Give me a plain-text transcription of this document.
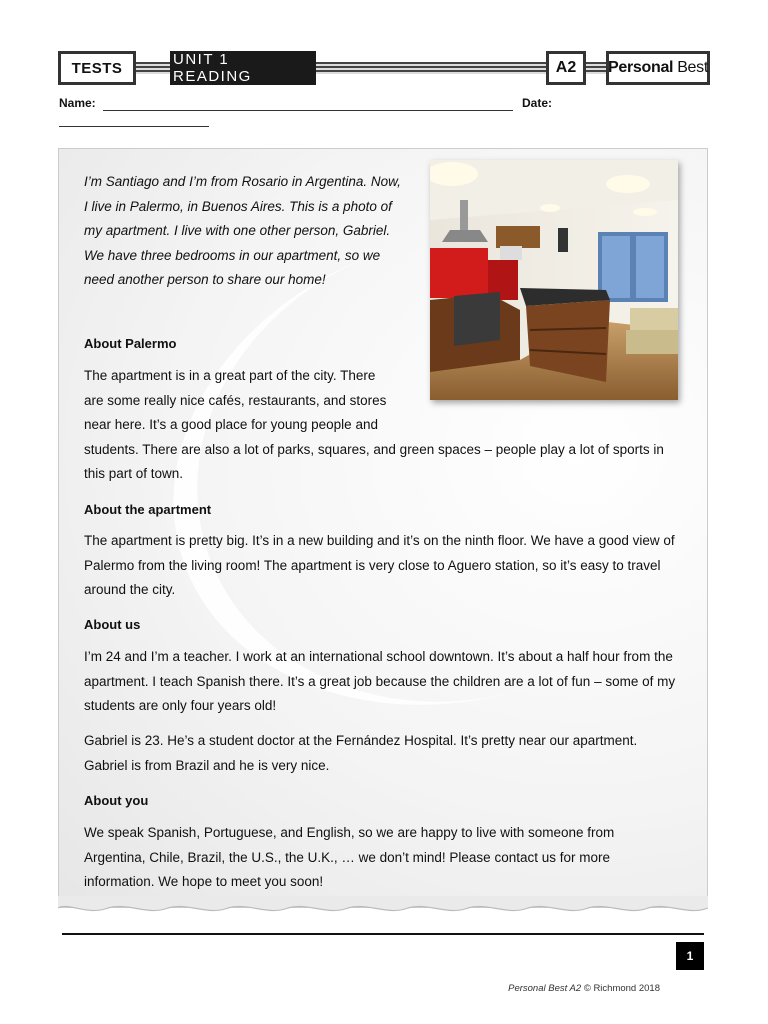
TESTS	UNIT 1 READING
A2	Personal Best
Name:	Date:

I’m Santiago and I’m from Rosario in Argentina. Now, I live in Palermo, in Buenos Aires. This is a photo of my apartment. I live with one other person, Gabriel. We have three bedrooms in our apartment, so we need another person to share our home!

About Palermo

The apartment is in a great part of the city. There are some really nice cafés, restaurants, and stores near here. It’s a good place for young people and students. There are also a lot of parks, squares, and green spaces – people play a lot of sports in this part of town.

About the apartment

The apartment is pretty big. It’s in a new building and it’s on the ninth floor. We have a good view of Palermo from the living room! The apartment is very close to Aguero station, so it’s easy to travel around the city.

About us

I’m 24 and I’m a teacher. I work at an international school downtown. It’s about a half hour from the apartment. I teach Spanish there. It’s a great job because the children are a lot of fun – some of my students are only four years old!

Gabriel is 23. He’s a student doctor at the Fernández Hospital. It’s pretty near our apartment. Gabriel is from Brazil and he is very nice.

About you

We speak Spanish, Portuguese, and English, so we are happy to live with someone from Argentina, Chile, Brazil, the U.S., the U.K., … we don’t mind! Please contact us for more information. We hope to meet you soon!

1
Personal Best A2 © Richmond 2018
